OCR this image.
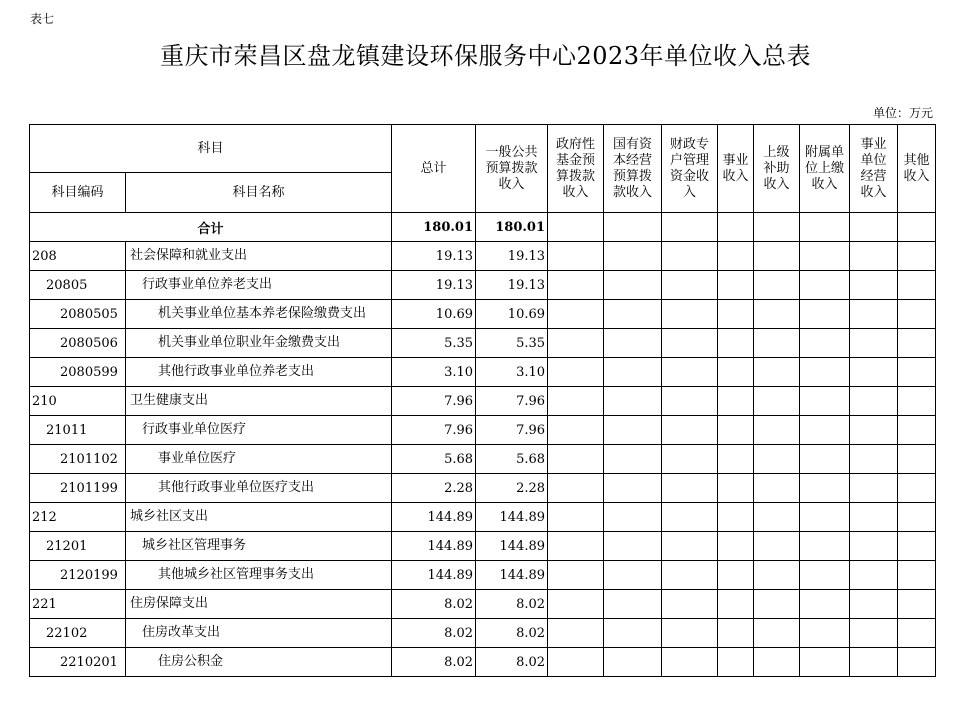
表七
重庆市荣昌区盘龙镇建设环保服务中心2023年单位收入总表
单位：万元
科目		总计	一般公共预算拨款收入	政府性基金预算拨款收入	国有资本经营预算拨款收入	财政专户管理资金收入	事业收入	上级补助收入	附属单位上缴收入	事业单位经营收入	其他收入
科目编码	科目名称										
合计		180.01	180.01								
208	社会保障和就业支出	19.13	19.13								
20805	行政事业单位养老支出	19.13	19.13								
2080505	机关事业单位基本养老保险缴费支出	10.69	10.69								
2080506	机关事业单位职业年金缴费支出	5.35	5.35								
2080599	其他行政事业单位养老支出	3.10	3.10								
210	卫生健康支出	7.96	7.96								
21011	行政事业单位医疗	7.96	7.96								
2101102	事业单位医疗	5.68	5.68								
2101199	其他行政事业单位医疗支出	2.28	2.28								
212	城乡社区支出	144.89	144.89								
21201	城乡社区管理事务	144.89	144.89								
2120199	其他城乡社区管理事务支出	144.89	144.89								
221	住房保障支出	8.02	8.02								
22102	住房改革支出	8.02	8.02								
2210201	住房公积金	8.02	8.02								
